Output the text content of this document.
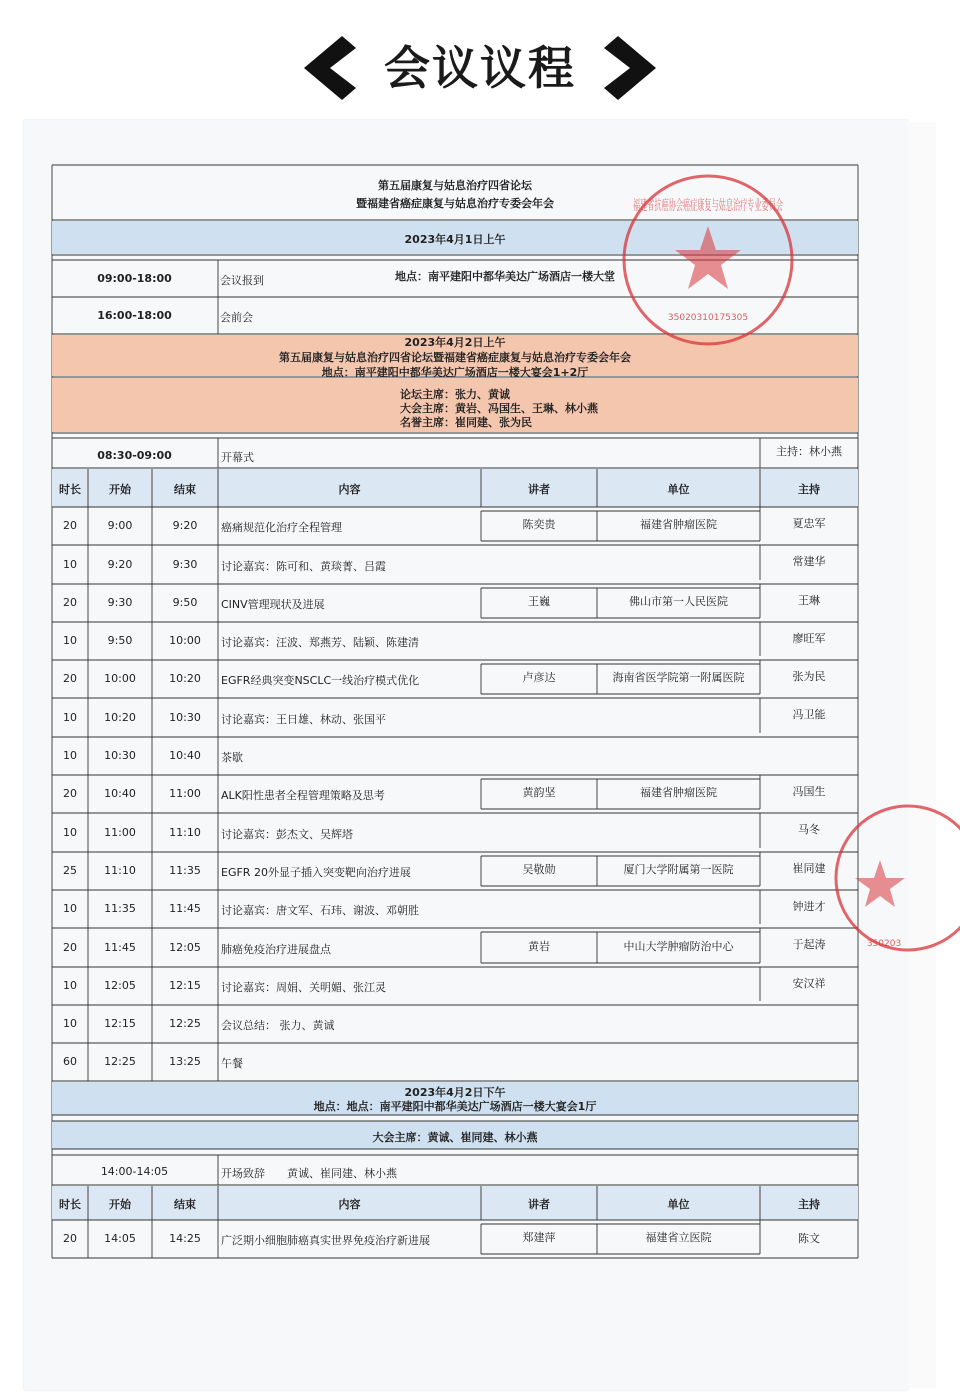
会议议程
第五届康复与姑息治疗四省论坛
暨福建省癌症康复与姑息治疗专委会年会
2023年4月1日上午
09:00-18:00	会议报到	地点：南平建阳中都华美达广场酒店一楼大堂
16:00-18:00	会前会
2023年4月2日上午
第五届康复与姑息治疗四省论坛暨福建省癌症康复与姑息治疗专委会年会
地点：南平建阳中都华美达广场酒店一楼大宴会1+2厅
论坛主席：张力、黄诚
大会主席：黄岩、冯国生、王琳、林小燕
名誉主席：崔同建、张为民
08:30-09:00	开幕式	主持：林小燕
时长	开始	结束	内容	讲者	单位	主持
20	9:00	9:20	癌痛规范化治疗全程管理	陈奕贵	福建省肿瘤医院	夏忠军
10	9:20	9:30	讨论嘉宾：陈可和、黄琰菁、吕霞	常建华
20	9:30	9:50	CINV管理现状及进展	王巍	佛山市第一人民医院	王琳
10	9:50	10:00	讨论嘉宾：汪波、郑燕芳、陆颖、陈建清	廖旺军
20	10:00	10:20	EGFR经典突变NSCLC一线治疗模式优化	卢彦达	海南省医学院第一附属医院	张为民
10	10:20	10:30	讨论嘉宾：王日雄、林动、张国平	冯卫能
10	10:30	10:40	茶歇
20	10:40	11:00	ALK阳性患者全程管理策略及思考	黄韵坚	福建省肿瘤医院	冯国生
10	11:00	11:10	讨论嘉宾：彭杰文、吴辉塔	马冬
25	11:10	11:35	EGFR 20外显子插入突变靶向治疗进展	吴敬勋	厦门大学附属第一医院	崔同建
10	11:35	11:45	讨论嘉宾：唐文军、石玮、谢波、邓朝胜	钟进才
20	11:45	12:05	肺癌免疫治疗进展盘点	黄岩	中山大学肿瘤防治中心	于起涛
10	12:05	12:15	讨论嘉宾：周娟、关明媚、张江灵	安汉祥
10	12:15	12:25	会议总结： 张力、黄诚
60	12:25	13:25	午餐
2023年4月2日下午
地点：地点：南平建阳中都华美达广场酒店一楼大宴会1厅
大会主席：黄诚、崔同建、林小燕
14:00-14:05	开场致辞	黄诚、崔同建、林小燕
时长	开始	结束	内容	讲者	单位	主持
20	14:05	14:25	广泛期小细胞肺癌真实世界免疫治疗新进展	郑建萍	福建省立医院	陈文
35020310175305
福建省抗癌协会癌症康复与姑息治疗专业委员会
350203
